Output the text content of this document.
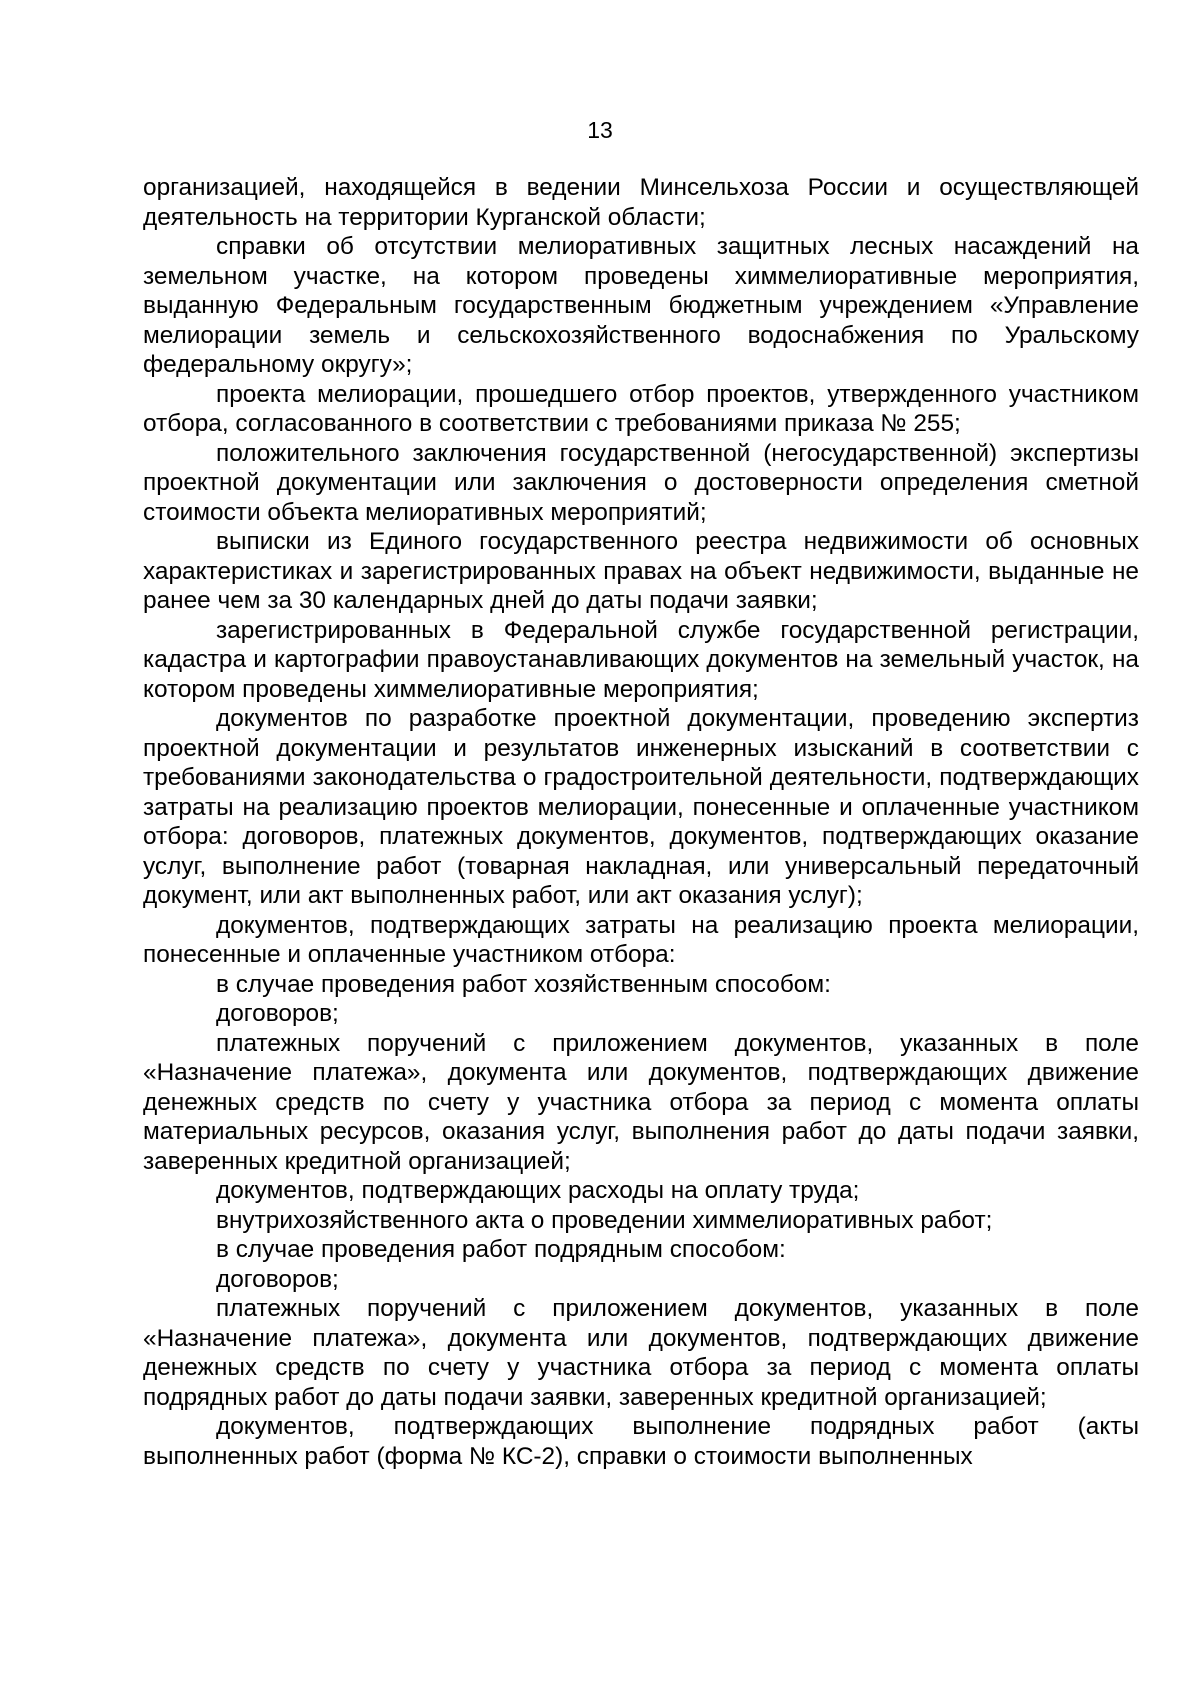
13

организацией, находящейся в ведении Минсельхоза России и осуществляющей деятельность на территории Курганской области;

справки об отсутствии мелиоративных защитных лесных насаждений на земельном участке, на котором проведены химмелиоративные мероприятия, выданную Федеральным государственным бюджетным учреждением «Управление мелиорации земель и сельскохозяйственного водоснабжения по Уральскому федеральному округу»;

проекта мелиорации, прошедшего отбор проектов, утвержденного участником отбора, согласованного в соответствии с требованиями приказа № 255;

положительного заключения государственной (негосударственной) экспертизы проектной документации или заключения о достоверности определения сметной стоимости объекта мелиоративных мероприятий;

выписки из Единого государственного реестра недвижимости об основных характеристиках и зарегистрированных правах на объект недвижимости, выданные не ранее чем за 30 календарных дней до даты подачи заявки;

зарегистрированных в Федеральной службе государственной регистрации, кадастра и картографии правоустанавливающих документов на земельный участок, на котором проведены химмелиоративные мероприятия;

документов по разработке проектной документации, проведению экспертиз проектной документации и результатов инженерных изысканий в соответствии с требованиями законодательства о градостроительной деятельности, подтверждающих затраты на реализацию проектов мелиорации, понесенные и оплаченные участником отбора: договоров, платежных документов, документов, подтверждающих оказание услуг, выполнение работ (товарная накладная, или универсальный передаточный документ, или акт выполненных работ, или акт оказания услуг);

документов, подтверждающих затраты на реализацию проекта мелиорации, понесенные и оплаченные участником отбора:

в случае проведения работ хозяйственным способом:

договоров;

платежных поручений с приложением документов, указанных в поле «Назначение платежа», документа или документов, подтверждающих движение денежных средств по счету у участника отбора за период с момента оплаты материальных ресурсов, оказания услуг, выполнения работ до даты подачи заявки, заверенных кредитной организацией;

документов, подтверждающих расходы на оплату труда;

внутрихозяйственного акта о проведении химмелиоративных работ;

в случае проведения работ подрядным способом:

договоров;

платежных поручений с приложением документов, указанных в поле «Назначение платежа», документа или документов, подтверждающих движение денежных средств по счету у участника отбора за период с момента оплаты подрядных работ до даты подачи заявки, заверенных кредитной организацией;

документов, подтверждающих выполнение подрядных работ (акты выполненных работ (форма № КС-2), справки о стоимости выполненных
